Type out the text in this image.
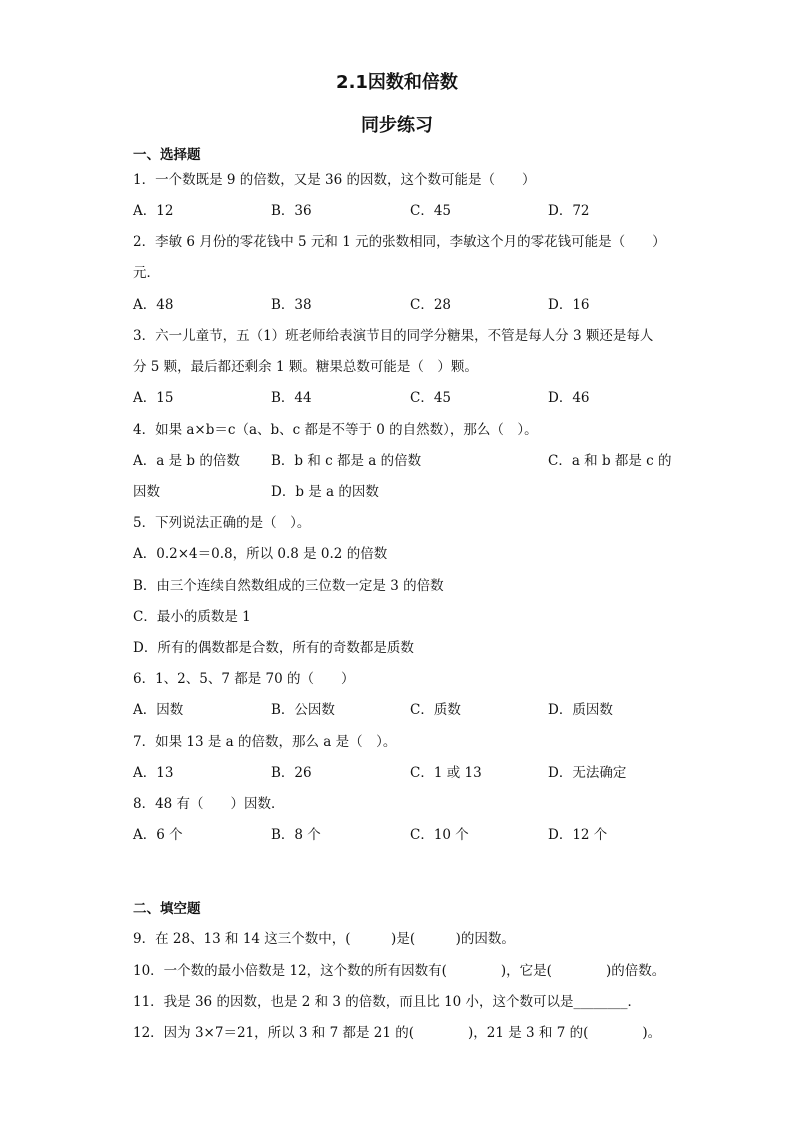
2.1因数和倍数
同步练习
一、选择题
1．一个数既是 9 的倍数，又是 36 的因数，这个数可能是（　　）
A．12	B．36	C．45	D．72
2．李敏 6 月份的零花钱中 5 元和 1 元的张数相同，李敏这个月的零花钱可能是（　　）
元．
A．48	B．38	C．28	D．16
3．六一儿童节，五（1）班老师给表演节目的同学分糖果，不管是每人分 3 颗还是每人
分 5 颗，最后都还剩余 1 颗。糖果总数可能是（　）颗。
A．15	B．44	C．45	D．46
4．如果 a×b＝c（a、b、c 都是不等于 0 的自然数），那么（　）。
A．a 是 b 的倍数 B．b 和 c 都是 a 的倍数	C．a 和 b 都是 c 的
因数	D．b 是 a 的因数
5．下列说法正确的是（　）。
A．0.2×4＝0.8，所以 0.8 是 0.2 的倍数
B．由三个连续自然数组成的三位数一定是 3 的倍数
C．最小的质数是 1
D．所有的偶数都是合数，所有的奇数都是质数
6．1、2、5、7 都是 70 的（　　）
A．因数	B．公因数	C．质数	D．质因数
7．如果 13 是 a 的倍数，那么 a 是（　）。
A．13	B．26	C．1 或 13	D．无法确定
8．48 有（　　）因数．
A．6 个	B．8 个	C．10 个	D．12 个
二、填空题
9．在 28、13 和 14 这三个数中，(　　　)是(　　　)的因数。
10．一个数的最小倍数是 12，这个数的所有因数有(　　　　)，它是(　　　　)的倍数。
11．我是 36 的因数，也是 2 和 3 的倍数，而且比 10 小，这个数可以是________．
12．因为 3×7＝21，所以 3 和 7 都是 21 的(　　　　)，21 是 3 和 7 的(　　　　)。
